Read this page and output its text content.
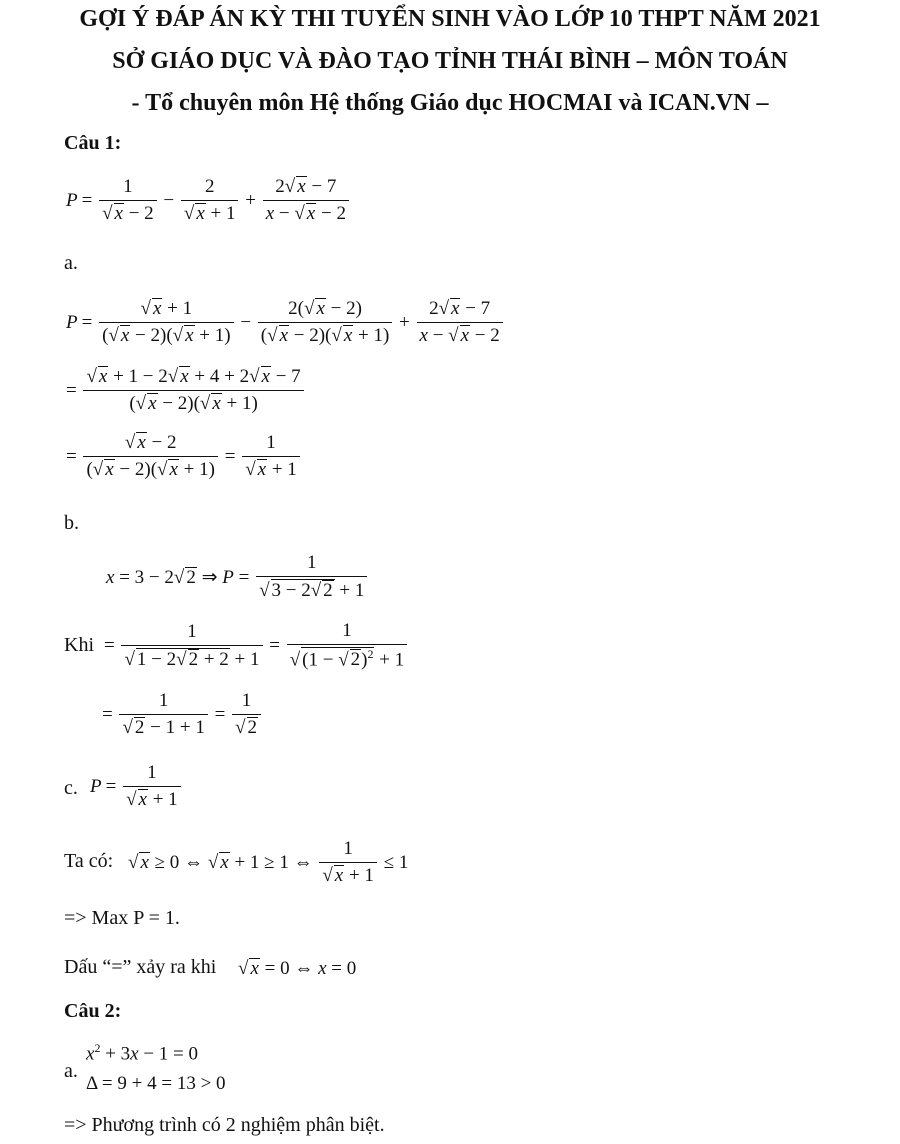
GỢI Ý ĐÁP ÁN KỲ THI TUYỂN SINH VÀO LỚP 10 THPT NĂM 2021
SỞ GIÁO DỤC VÀ ĐÀO TẠO TỈNH THÁI BÌNH – MÔN TOÁN
- Tổ chuyên môn Hệ thống Giáo dục HOCMAI và ICAN.VN –
Câu 1:
$P = \frac{1}{√ x - 2} - \frac{2}{√ x + 1} + \frac{2√ x - 7}{x - √ x - 2}$
a.
$P = \frac{√ x + 1}{(√ x - 2)(√ x + 1)} - \frac{2(√ x - 2)}{(√ x - 2)(√ x + 1)} + \frac{2√ x - 7}{x - √ x - 2}$
= $\frac{√ x + 1 - 2√ x + 4 + 2√ x - 7}{(√ x - 2)(√ x + 1)}$
= $\frac{√ x - 2}{(√ x - 2)(√ x + 1)} = \frac{1}{√ x + 1}$
b.
x = 3 − 2√ 2 ⇒ $P = \frac{1}{√ 3 - 2√ 2 + 1}$
Khi = $\frac{1}{√ 1 - 2√ 2 + 2 + 1} = \frac{1}{√ (1 - √ 2)^2 + 1}$
= $\frac{1}{√ 2 - 1 + 1} = \frac{1}{√ 2}$
c. $P = \frac{1}{√ x + 1}$
Ta có: √ x ≥ 0 ⇔ √ x + 1 ≥ 1 ⇔ $\frac{1}{√ x + 1} \le 1$
=> Max P = 1.
Dấu “=” xảy ra khi √ x = 0 ⇔ x = 0
Câu 2:
a.
$x^2 + 3x - 1 = 0$
Δ = 9 + 4 = 13 > 0
=> Phương trình có 2 nghiệm phân biệt.
